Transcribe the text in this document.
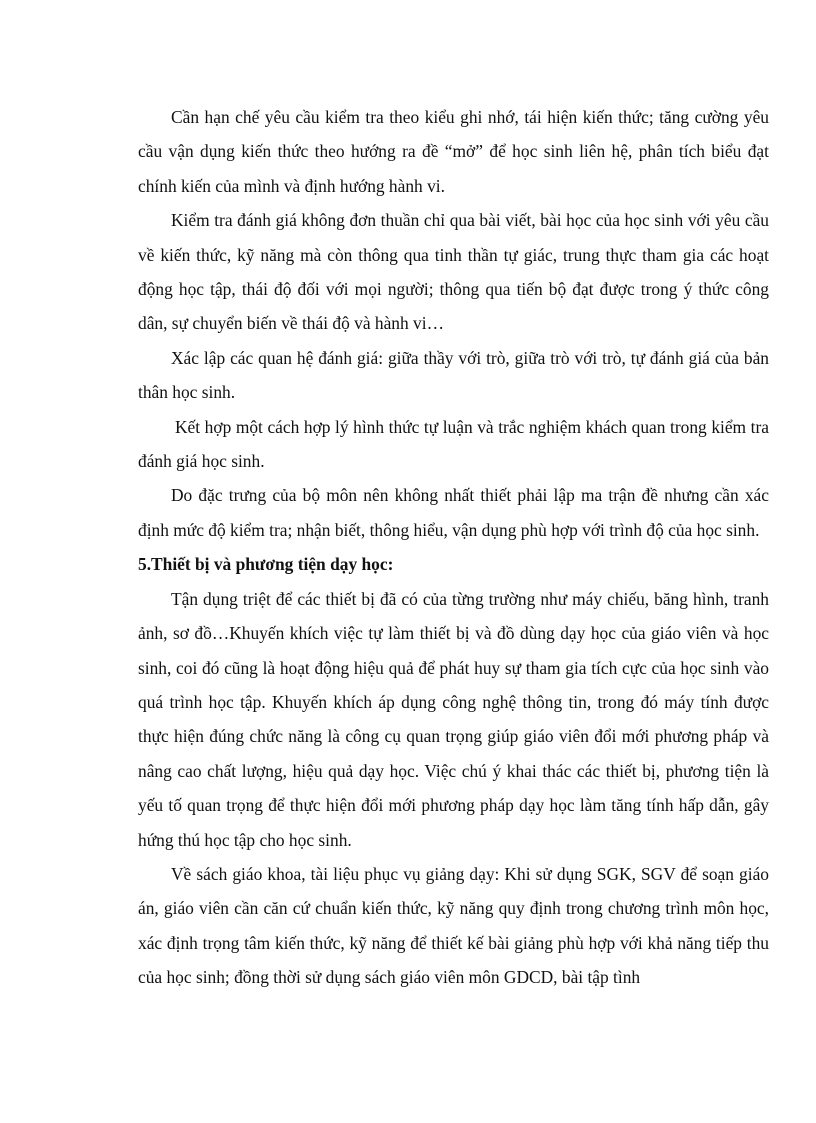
Cần hạn chế yêu cầu kiểm tra theo kiểu ghi nhớ, tái hiện kiến thức; tăng cường yêu cầu vận dụng kiến thức theo hướng ra đề “mở” để học sinh liên hệ, phân tích biểu đạt chính kiến của mình và định hướng hành vi.

Kiểm tra đánh giá không đơn thuần chỉ qua bài viết, bài học của học sinh với yêu cầu về kiến thức, kỹ năng mà còn thông qua tinh thần tự giác, trung thực tham gia các hoạt động học tập, thái độ đối với mọi người; thông qua tiến bộ đạt được trong ý thức công dân, sự chuyển biến về thái độ và hành vi…

Xác lập các quan hệ đánh giá: giữa thầy với trò, giữa trò với trò, tự đánh giá của bản thân học sinh.

Kết hợp một cách hợp lý hình thức tự luận và trắc nghiệm khách quan trong kiểm tra đánh giá học sinh.

Do đặc trưng của bộ môn nên không nhất thiết phải lập ma trận đề nhưng cần xác định mức độ kiểm tra; nhận biết, thông hiểu, vận dụng phù hợp với trình độ của học sinh.

5.Thiết bị và phương tiện dạy học:

Tận dụng triệt để các thiết bị đã có của từng trường như máy chiếu, băng hình, tranh ảnh, sơ đồ…Khuyến khích việc tự làm thiết bị và đồ dùng dạy học của giáo viên và học sinh, coi đó cũng là hoạt động hiệu quả để phát huy sự tham gia tích cực của học sinh vào quá trình học tập. Khuyến khích áp dụng công nghệ thông tin, trong đó máy tính được thực hiện đúng chức năng là công cụ quan trọng giúp giáo viên đổi mới phương pháp và nâng cao chất lượng, hiệu quả dạy học. Việc chú ý khai thác các thiết bị, phương tiện là yếu tố quan trọng để thực hiện đổi mới phương pháp dạy học làm tăng tính hấp dẫn, gây hứng thú học tập cho học sinh.

Về sách giáo khoa, tài liệu phục vụ giảng dạy: Khi sử dụng SGK, SGV để soạn giáo án, giáo viên cần căn cứ chuẩn kiến thức, kỹ năng quy định trong chương trình môn học, xác định trọng tâm kiến thức, kỹ năng để thiết kế bài giảng phù hợp với khả năng tiếp thu của học sinh; đồng thời sử dụng sách giáo viên môn GDCD, bài tập tình
